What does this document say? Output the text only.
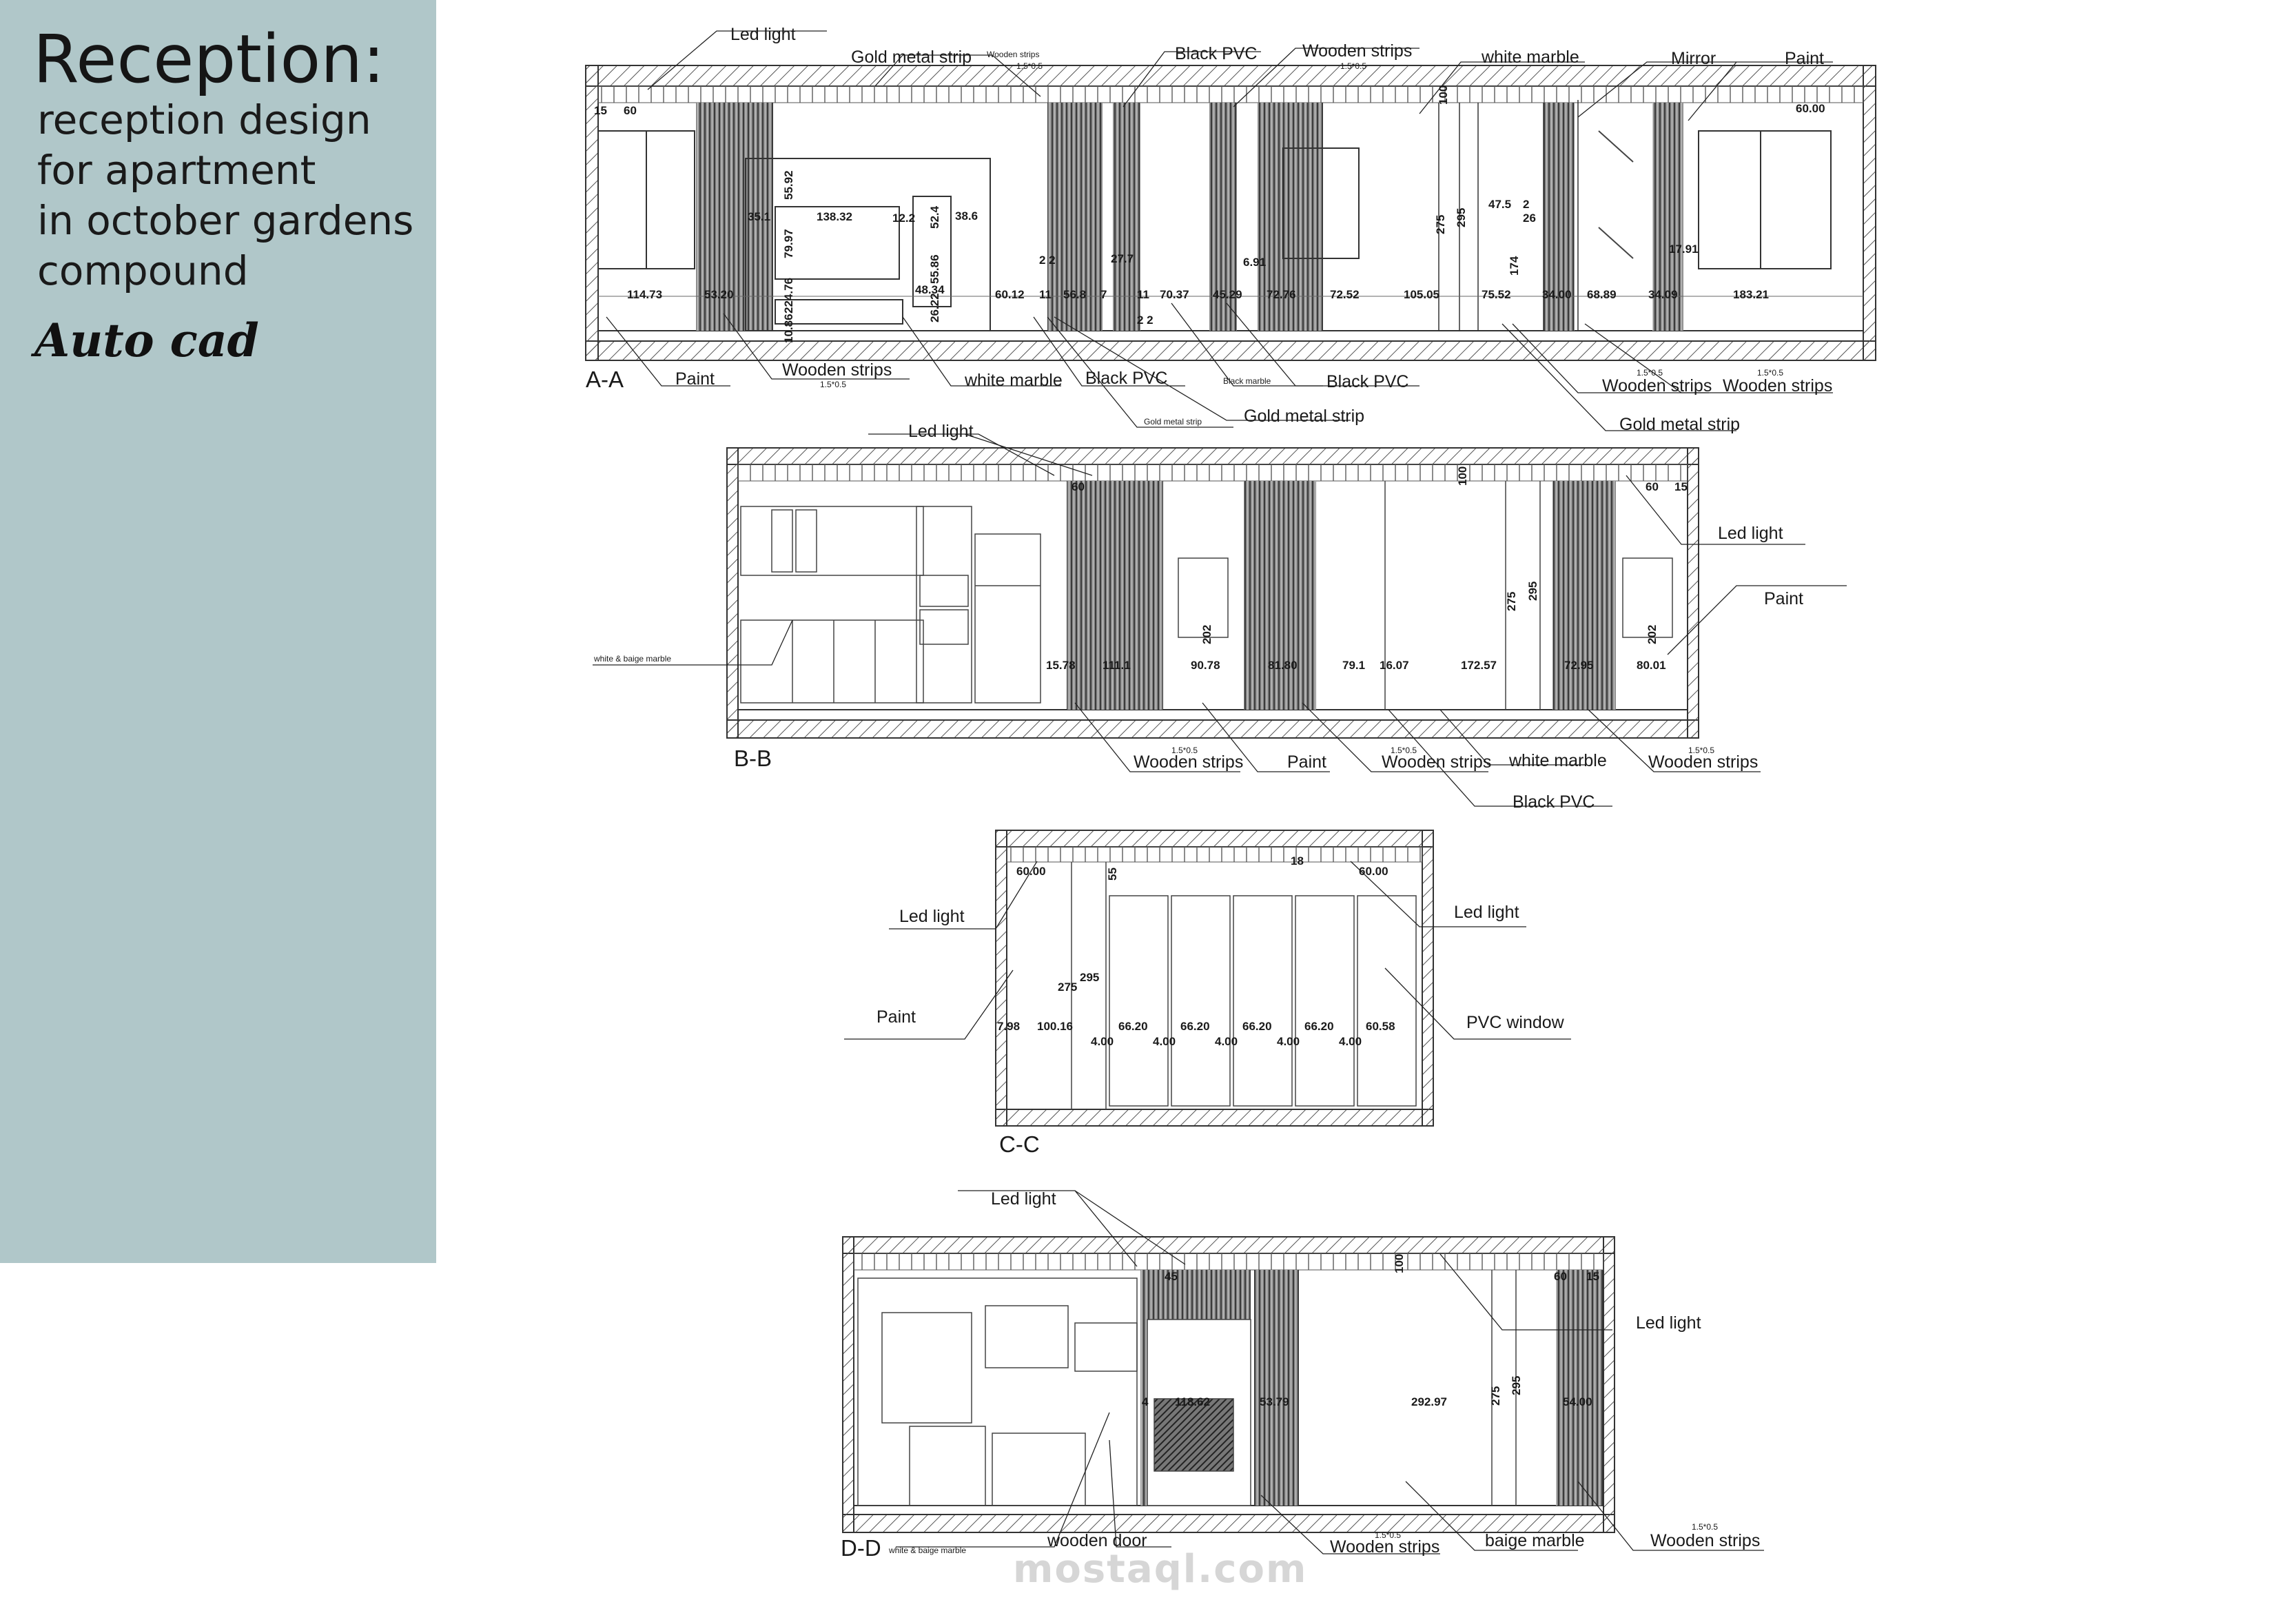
Reception:
reception design
for apartment
in october gardens
compound
Auto cad
Led light
Gold metal strip Wooden strips
1.5*0.5
Black PVC	Wooden strips
1.5*0.5	white marble	Mirror	Paint
Paint	Wooden strips
1.5*0.5	white marble Black PVC	Black marble	Black PVC
Gold metal strip Gold metal strip
Wooden strips
1.5*0.5
Wooden strips
1.5*0.5
Gold metal strip
15 60
100
60.00
55.92
35.1	138.32	12.2 52.4 38.6
79.97
55.86
48.34
26.22
10.86
224.76
114.73	53.20	60.12 11 56.8 7	11 70.37 45.29 72.76	72.52	105.05	75.52	34.00 68.89	34.09	183.21
2 2	27.7
2 2
6.91
275 295
47.5 2
26
174
17.91
A-A
Led light
Led light
Paint
white & baige marble
Wooden strips
1.5*0.5
Paint	Wooden strips
1.5*0.5
white marble
Black PVC
Wooden strips
1.5*0.5
60
100
60 15
202	202
275
295
15.78 111.1	90.78	81.80	79.1 16.07	172.57	72.95	80.01
B-B
Led light	Led light
Paint	PVC window
60.00	55
18
60.00
275
295
7.98 100.16	66.20	66.20	66.20	66.20	60.58
4.00	4.00	4.00	4.00	4.00
C-C
Led light
Led light
white & baige marble	wooden door	Wooden strips
1.5*0.5	baige marble	Wooden strips
1.5*0.5
45
100
60 15
4 118.62	53.79	292.97	275
295
54.00
D-D	mostaql.com
